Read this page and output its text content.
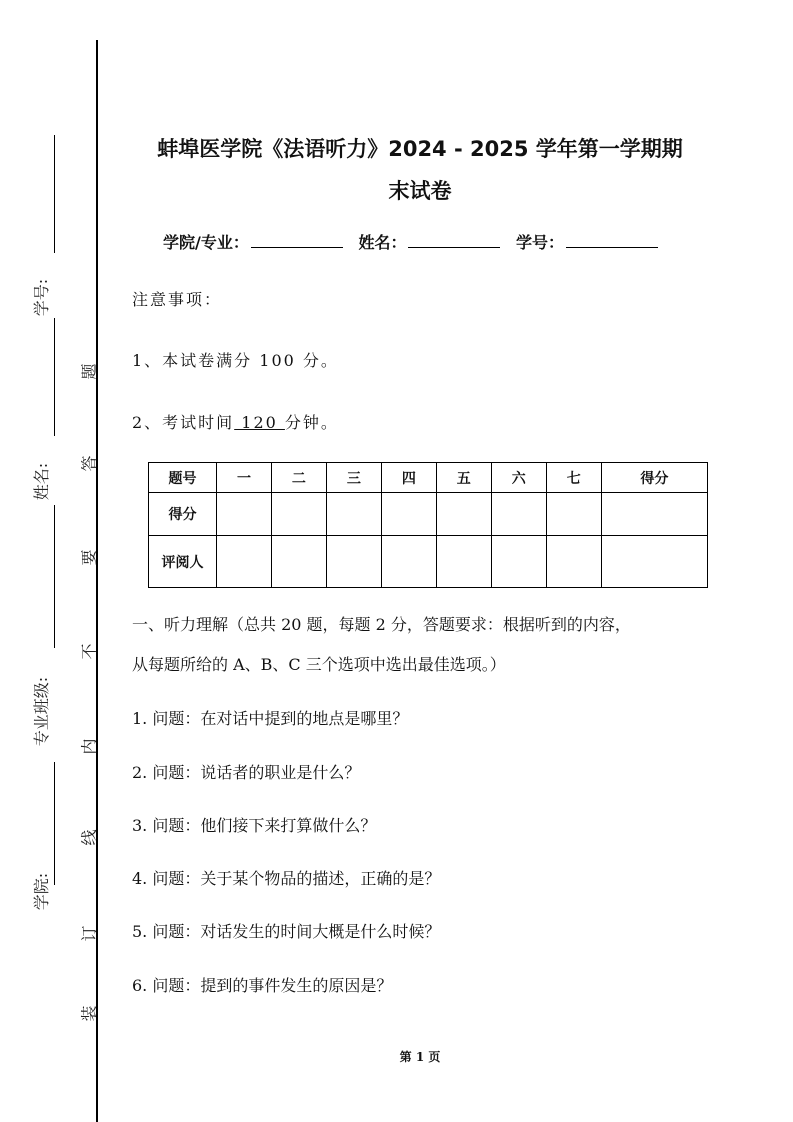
学号:
姓名:
专业班级:
学院:
题
答
要
不
内
线
订
装
蚌埠医学院《法语听力》2024 - 2025 学年第一学期期
末试卷
学院/专业：	姓名：	学号：
注意事项：
1、本试卷满分 100 分。
2、考试时间 120 分钟。
题号	一	二	三	四	五	六	七	得分
得分								
评阅人								
一、听力理解（总共 20 题，每题 2 分，答题要求：根据听到的内容，
从每题所给的 A、B、C 三个选项中选出最佳选项。）
1. 问题：在对话中提到的地点是哪里？
2. 问题：说话者的职业是什么？
3. 问题：他们接下来打算做什么？
4. 问题：关于某个物品的描述，正确的是？
5. 问题：对话发生的时间大概是什么时候？
6. 问题：提到的事件发生的原因是？
第 1 页
